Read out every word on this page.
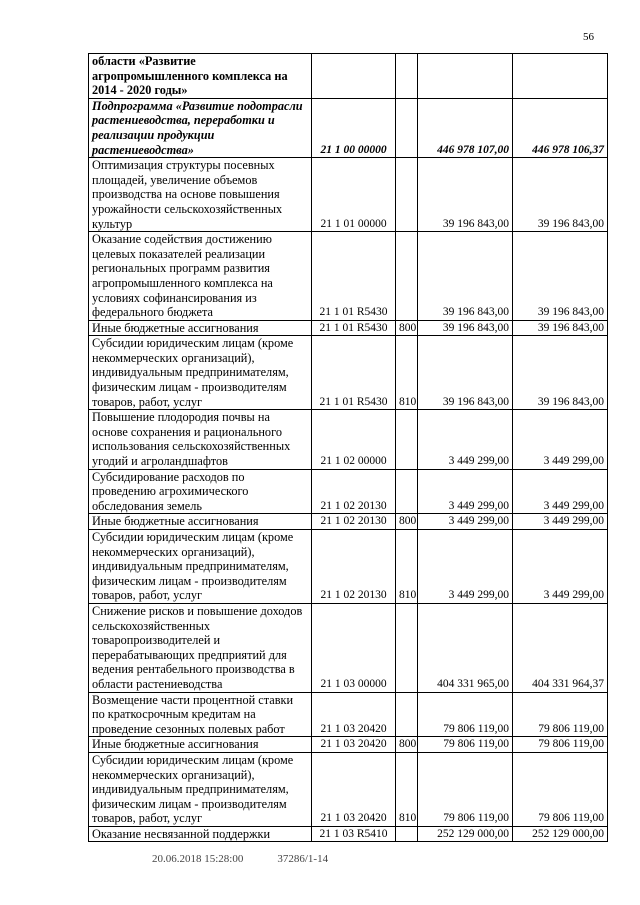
56
области «Развитие агропромышленного комплекса на 2014 - 2020 годы»				
Подпрограмма «Развитие подотрасли растениеводства, переработки и реализации продукции растениеводства»	21 1 00 00000		446 978 107,00	446 978 106,37
Оптимизация структуры посевных площадей, увеличение объемов производства на основе повышения урожайности сельскохозяйственных культур	21 1 01 00000		39 196 843,00	39 196 843,00
Оказание содействия достижению целевых показателей реализации региональных программ развития агропромышленного комплекса на условиях софинансирования из федерального бюджета	21 1 01 R5430		39 196 843,00	39 196 843,00
Иные бюджетные ассигнования	21 1 01 R5430	800	39 196 843,00	39 196 843,00
Субсидии юридическим лицам (кроме некоммерческих организаций), индивидуальным предпринимателям, физическим лицам - производителям товаров, работ, услуг	21 1 01 R5430	810	39 196 843,00	39 196 843,00
Повышение плодородия почвы на основе сохранения и рационального использования сельскохозяйственных угодий и агроландшафтов	21 1 02 00000		3 449 299,00	3 449 299,00
Субсидирование расходов по проведению агрохимического обследования земель	21 1 02 20130		3 449 299,00	3 449 299,00
Иные бюджетные ассигнования	21 1 02 20130	800	3 449 299,00	3 449 299,00
Субсидии юридическим лицам (кроме некоммерческих организаций), индивидуальным предпринимателям, физическим лицам - производителям товаров, работ, услуг	21 1 02 20130	810	3 449 299,00	3 449 299,00
Снижение рисков и повышение доходов сельскохозяйственных товаропроизводителей и перерабатывающих предприятий для ведения рентабельного производства в области растениеводства	21 1 03 00000		404 331 965,00	404 331 964,37
Возмещение части процентной ставки по краткосрочным кредитам на проведение сезонных полевых работ	21 1 03 20420		79 806 119,00	79 806 119,00
Иные бюджетные ассигнования	21 1 03 20420	800	79 806 119,00	79 806 119,00
Субсидии юридическим лицам (кроме некоммерческих организаций), индивидуальным предпринимателям, физическим лицам - производителям товаров, работ, услуг	21 1 03 20420	810	79 806 119,00	79 806 119,00
Оказание несвязанной поддержки	21 1 03 R5410		252 129 000,00	252 129 000,00
20.06.2018 15:28:00	37286/1-14
